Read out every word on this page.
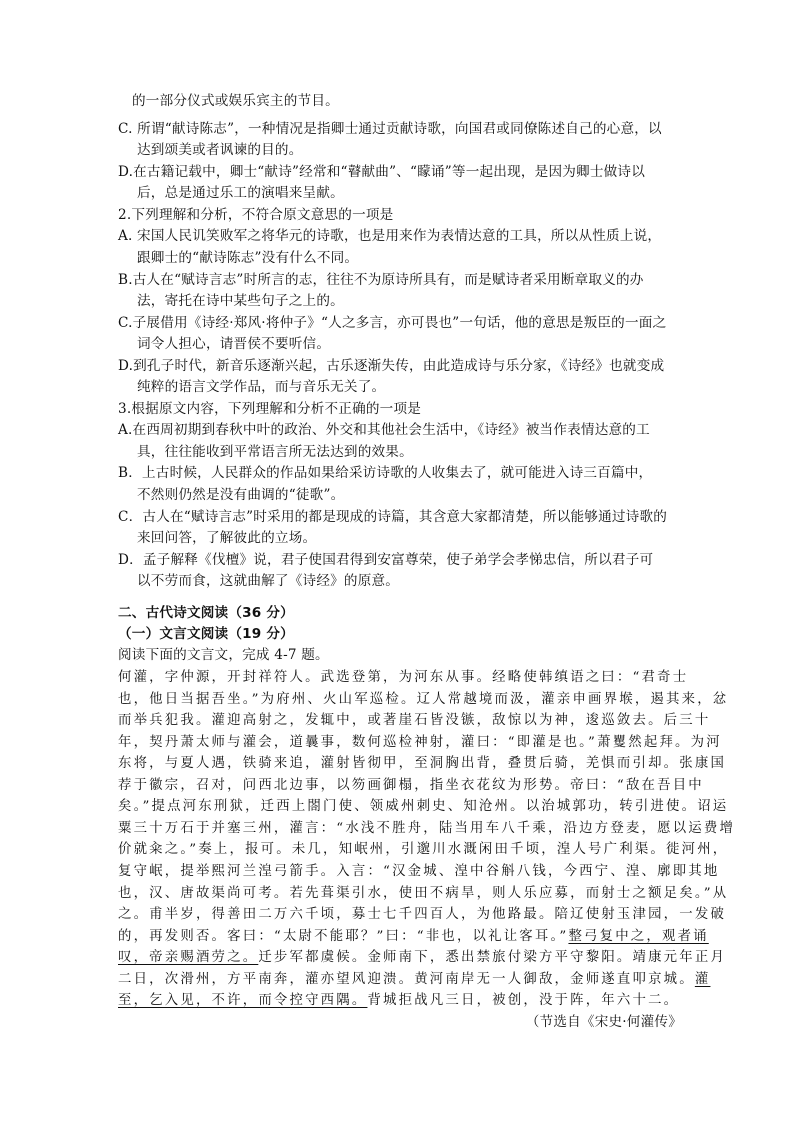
的一部分仪式或娱乐宾主的节目。
C. 所谓“献诗陈志”，一种情况是指卿士通过贡献诗歌，向国君或同僚陈述自己的心意，以
达到颂美或者讽谏的目的。
D.在古籍记载中，卿士“献诗”经常和“瞽献曲”、“矇诵”等一起出现，是因为卿士做诗以
后，总是通过乐工的演唱来呈献。
2.下列理解和分析，不符合原文意思的一项是
A. 宋国人民讥笑败军之将华元的诗歌，也是用来作为表情达意的工具，所以从性质上说，
跟卿士的“献诗陈志”没有什么不同。
B.古人在“赋诗言志”时所言的志，往往不为原诗所具有，而是赋诗者采用断章取义的办
法，寄托在诗中某些句子之上的。
C.子展借用《诗经·郑风·将仲子》“人之多言，亦可畏也”一句话，他的意思是叛臣的一面之
词令人担心，请晋侯不要听信。
D.到孔子时代，新音乐逐渐兴起，古乐逐渐失传，由此造成诗与乐分家，《诗经》也就变成
纯粹的语言文学作品，而与音乐无关了。
3.根据原文内容，下列理解和分析不正确的一项是
A.在西周初期到春秋中叶的政治、外交和其他社会生活中，《诗经》被当作表情达意的工
具，往往能收到平常语言所无法达到的效果。
B．上古时候，人民群众的作品如果给采访诗歌的人收集去了，就可能进入诗三百篇中，
不然则仍然是没有曲调的“徒歌”。
C．古人在“赋诗言志”时采用的都是现成的诗篇，其含意大家都清楚，所以能够通过诗歌的
来回问答，了解彼此的立场。
D．孟子解释《伐檀》说，君子使国君得到安富尊荣，使子弟学会孝悌忠信，所以君子可
以不劳而食，这就曲解了《诗经》的原意。
二、古代诗文阅读（36 分）
（一）文言文阅读（19 分）
阅读下面的文言文，完成 4-7 题。
何灌，字仲源，开封祥符人。武选登第，为河东从事。经略使韩缜语之曰：“君奇士
也，他日当据吾坐。”为府州、火山军巡检。辽人常越境而汲，灌亲申画界堠，遏其来，忿
而举兵犯我。灌迎高射之，发辄中，或著崖石皆没镞，敌惊以为神，逡巡敛去。后三十
年，契丹萧太师与灌会，道曩事，数何巡检神射，灌曰：“即灌是也。”萧矍然起拜。为河
东将，与夏人遇，铁骑来追，灌射皆彻甲，至洞胸出背，叠贯后骑，羌惧而引却。张康国
荐于徽宗，召对，问西北边事，以笏画御榻，指坐衣花纹为形势。帝曰：“敌在吾目中
矣。”提点河东刑狱，迁西上閤门使、领威州刺史、知沧州。以治城郭功，转引进使。诏运
粟三十万石于并塞三州，灌言：“水浅不胜舟，陆当用车八千乘，沿边方登麦，愿以运费增
价就籴之。”奏上，报可。未几，知岷州，引邈川水溉闲田千顷，湟人号广利渠。徙河州，
复守岷，提举熙河兰湟弓箭手。入言：“汉金城、湟中谷斛八钱，今西宁、湟、廓即其地
也，汉、唐故渠尚可考。若先葺渠引水，使田不病旱，则人乐应募，而射士之额足矣。”从
之。甫半岁，得善田二万六千顷，募士七千四百人，为他路最。陪辽使射玉津园，一发破
的，再发则否。客曰：“太尉不能耶？”曰：“非也，以礼让客耳。”整弓复中之，观者诵
叹，帝亲赐酒劳之。迁步军都虞候。金师南下，悉出禁旅付梁方平守黎阳。靖康元年正月
二日，次滑州，方平南奔，灌亦望风迎溃。黄河南岸无一人御敌，金师遂直叩京城。灌
至，乞入见，不许，而令控守西隅。背城拒战凡三日，被创，没于阵，年六十二。
（节选自《宋史·何灌传》
